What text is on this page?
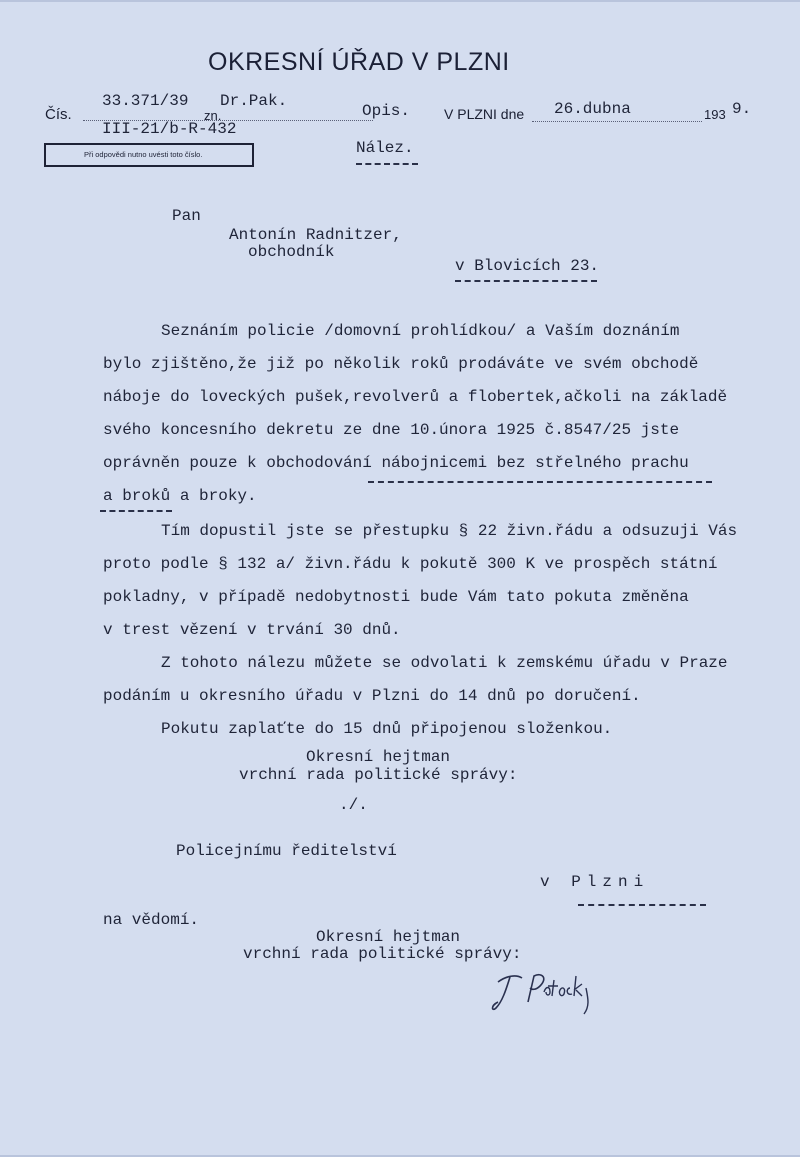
OKRESNÍ ÚŘAD V PLZNI
Čís.
33.371/39
zn.
Dr.Pak.
III-21/b-R-432
Při odpovědi nutno uvésti toto číslo.
Opis. V PLZNI dne 26.dubna	193 9.
Nález.
Pan
Antonín Radnitzer,
obchodník
v Blovicích 23.
Seznáním policie /domovní prohlídkou/ a Vaším doznáním
bylo zjištěno,že již po několik roků prodáváte ve svém obchodě
náboje do loveckých pušek,revolverů a flobertek,ačkoli na základě
svého koncesního dekretu ze dne 10.února 1925 č.8547/25 jste
oprávněn pouze k obchodování nábojnicemi bez střelného prachu
a broků a broky.
Tím dopustil jste se přestupku § 22 živn.řádu a odsuzuji Vás
proto podle § 132 a/ živn.řádu k pokutě 300 K ve prospěch státní
pokladny, v případě nedobytnosti bude Vám tato pokuta změněna
v trest vězení v trvání 30 dnů.
Z tohoto nálezu můžete se odvolati k zemskému úřadu v Praze
podáním u okresního úřadu v Plzni do 14 dnů po doručení.
Pokutu zaplaťte do 15 dnů připojenou složenkou.
Okresní hejtman
vrchní rada politické správy:
./.
Policejnímu ředitelství
v Plzni
na vědomí.
Okresní hejtman
vrchní rada politické správy:
